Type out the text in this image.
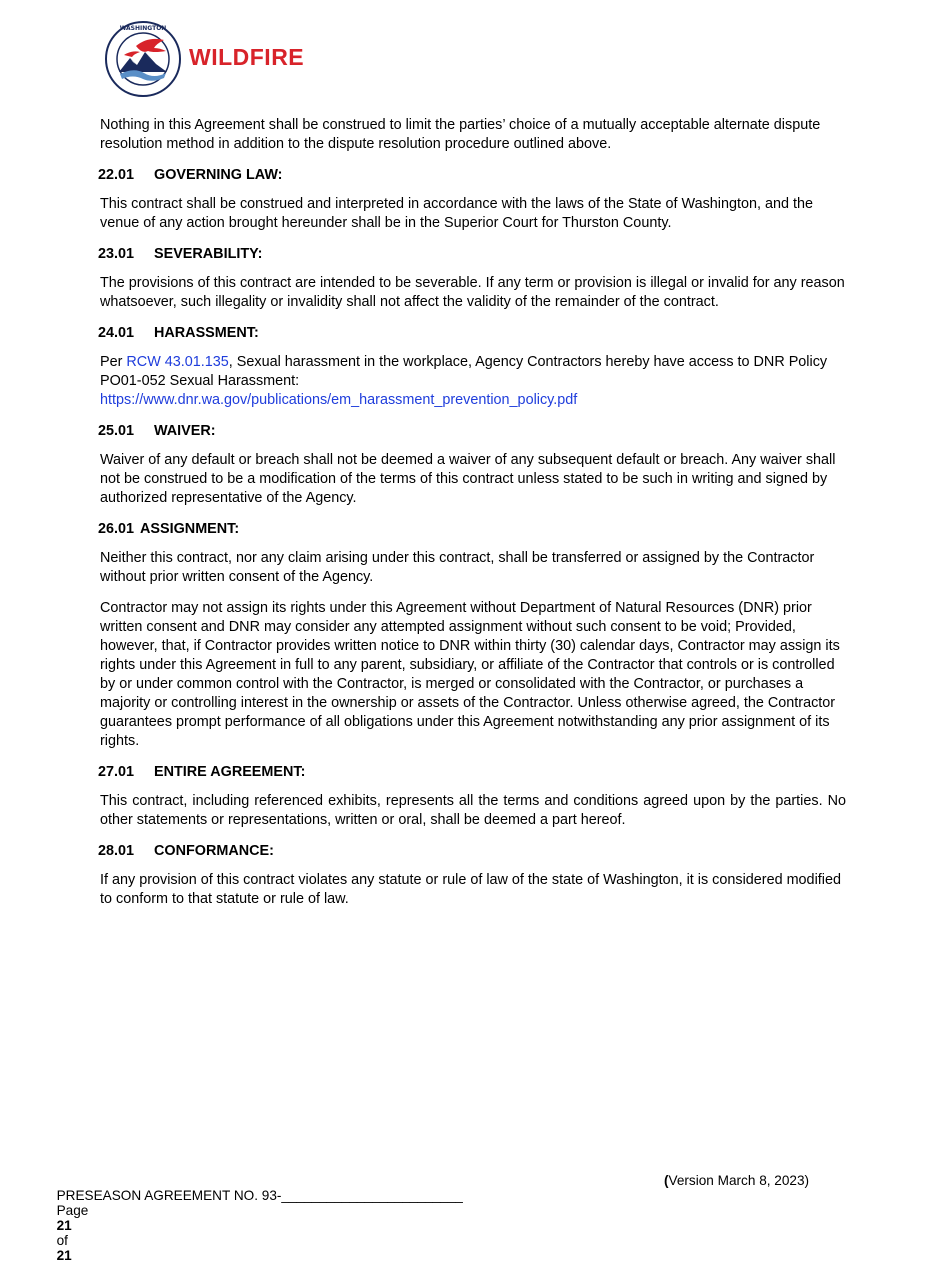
WASHINGTON
WILDFIRE

Nothing in this Agreement shall be construed to limit the parties’ choice of a mutually acceptable alternate dispute resolution method in addition to the dispute resolution procedure outlined above.

22.01 GOVERNING LAW:

This contract shall be construed and interpreted in accordance with the laws of the State of Washington, and the venue of any action brought hereunder shall be in the Superior Court for Thurston County.

23.01 SEVERABILITY:

The provisions of this contract are intended to be severable. If any term or provision is illegal or invalid for any reason whatsoever, such illegality or invalidity shall not affect the validity of the remainder of the contract.

24.01 HARASSMENT:

Per RCW 43.01.135, Sexual harassment in the workplace, Agency Contractors hereby have access to DNR Policy PO01-052 Sexual Harassment:
https://www.dnr.wa.gov/publications/em_harassment_prevention_policy.pdf

25.01 WAIVER:

Waiver of any default or breach shall not be deemed a waiver of any subsequent default or breach. Any waiver shall not be construed to be a modification of the terms of this contract unless stated to be such in writing and signed by authorized representative of the Agency.

26.01 ASSIGNMENT:

Neither this contract, nor any claim arising under this contract, shall be transferred or assigned by the Contractor without prior written consent of the Agency.

Contractor may not assign its rights under this Agreement without Department of Natural Resources (DNR) prior written consent and DNR may consider any attempted assignment without such consent to be void; Provided, however, that, if Contractor provides written notice to DNR within thirty (30) calendar days, Contractor may assign its rights under this Agreement in full to any parent, subsidiary, or affiliate of the Contractor that controls or is controlled by or under common control with the Contractor, is merged or consolidated with the Contractor, or purchases a majority or controlling interest in the ownership or assets of the Contractor. Unless otherwise agreed, the Contractor guarantees prompt performance of all obligations under this Agreement notwithstanding any prior assignment of its rights.

27.01 ENTIRE AGREEMENT:

This contract, including referenced exhibits, represents all the terms and conditions agreed upon by the parties. No other statements or representations, written or oral, shall be deemed a part hereof.

28.01 CONFORMANCE:

If any provision of this contract violates any statute or rule of law of the state of Washington, it is considered modified to conform to that statute or rule of law.

PRESEASON AGREEMENT NO. 93-________________________
Page
21
of
21

(Version March 8, 2023)
